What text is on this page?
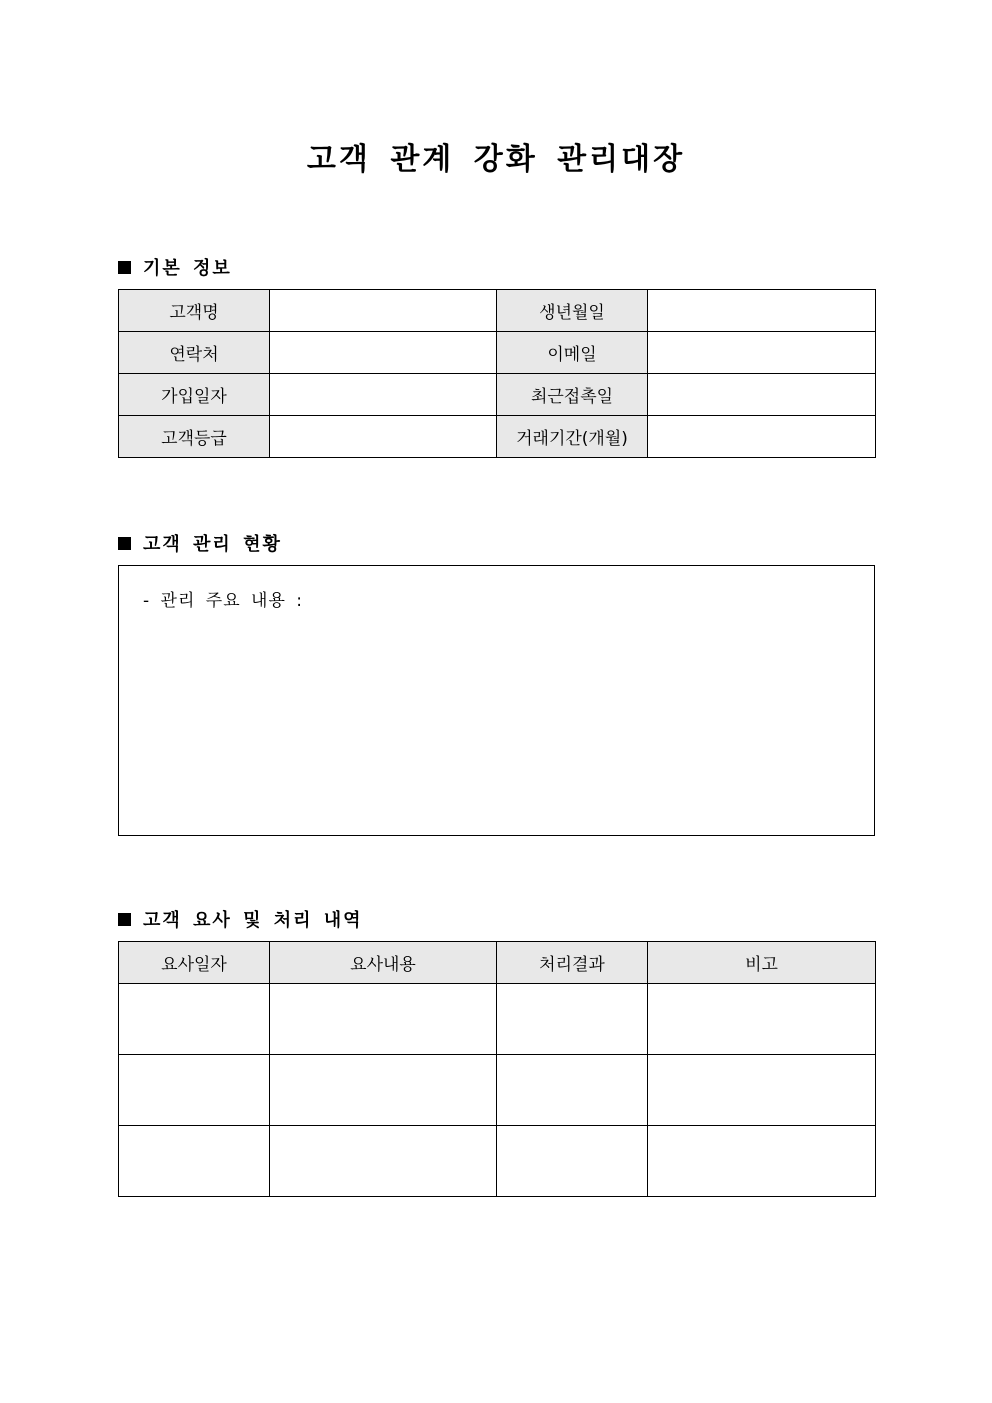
고객 관계 강화 관리대장
기본 정보
고객명		생년월일	
연락처		이메일	
가입일자		최근접촉일	
고객등급		거래기간(개월)	
고객 관리 현황
- 관리 주요 내용 :
고객 요사 및 처리 내역
요사일자	요사내용	처리결과	비고
